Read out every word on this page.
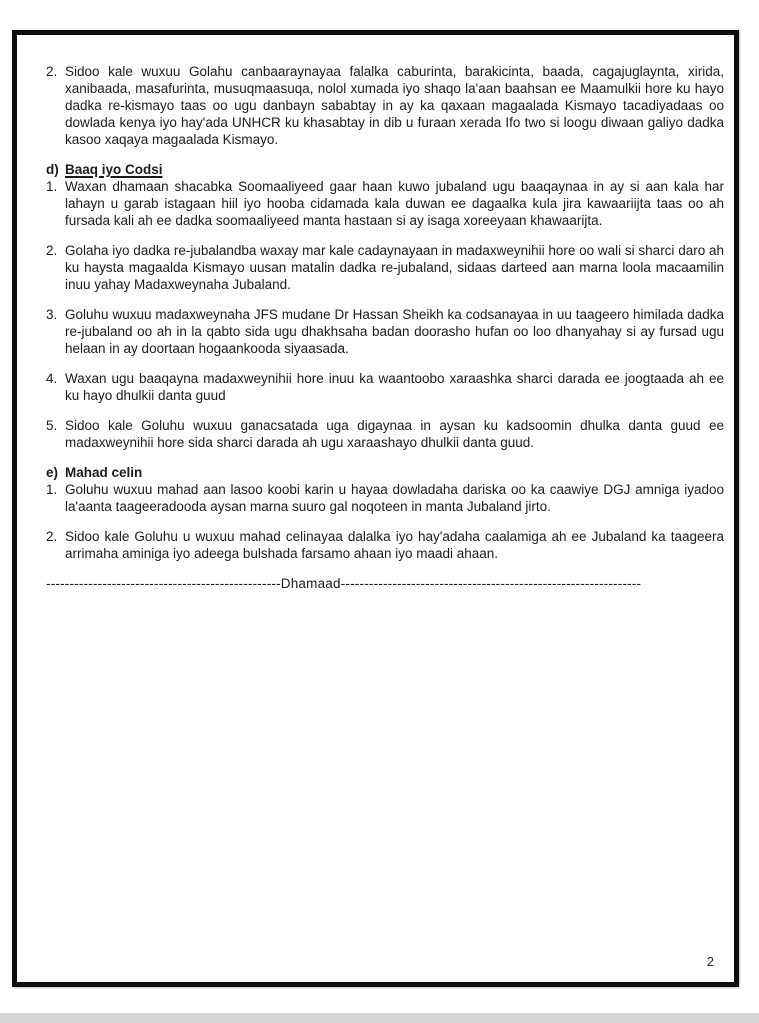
2. Sidoo kale wuxuu Golahu canbaaraynayaa falalka caburinta, barakicinta, baada, cagajuglaynta, xirida, xanibaada, masafurinta, musuqmaasuqa, nolol xumada iyo shaqo la'aan baahsan ee Maamulkii hore ku hayo dadka re-kismayo taas oo ugu danbayn sababtay in ay ka qaxaan magaalada Kismayo tacadiyadaas oo dowlada kenya iyo hay'ada UNHCR ku khasabtay in dib u furaan xerada Ifo two si loogu diwaan galiyo dadka kasoo xaqaya magaalada Kismayo.
d) Baaq iyo Codsi
1. Waxan dhamaan shacabka Soomaaliyeed gaar haan kuwo jubaland ugu baaqaynaa in ay si aan kala har lahayn u garab istagaan hiil iyo hooba cidamada kala duwan ee dagaalka kula jira kawaariijta taas oo ah fursada kali ah ee dadka soomaaliyeed manta hastaan si ay isaga xoreeyaan khawaarijta.
2. Golaha iyo dadka re-jubalandba waxay mar kale cadaynayaan in madaxweynihii hore oo wali si sharci daro ah ku haysta magaalda Kismayo uusan matalin dadka re-jubaland, sidaas darteed aan marna loola macaamilin inuu yahay Madaxweynaha Jubaland.
3. Goluhu wuxuu madaxweynaha JFS mudane Dr Hassan Sheikh ka codsanayaa in uu taageero himilada dadka re-jubaland oo ah in la qabto sida ugu dhakhsaha badan doorasho hufan oo loo dhanyahay si ay fursad ugu helaan in ay doortaan hogaankooda siyaasada.
4. Waxan ugu baaqayna madaxweynihii hore inuu ka waantoobo xaraashka sharci darada ee joogtaada ah ee ku hayo dhulkii danta guud
5. Sidoo kale Goluhu wuxuu ganacsatada uga digaynaa in aysan ku kadsoomin dhulka danta guud ee madaxweynihii hore sida sharci darada ah ugu xaraashayo dhulkii danta guud.
e) Mahad celin
1. Goluhu wuxuu mahad aan lasoo koobi karin u hayaa dowladaha dariska oo ka caawiye DGJ amniga iyadoo la'aanta taageeradooda aysan marna suuro gal noqoteen in manta Jubaland jirto.
2. Sidoo kale Goluhu u wuxuu mahad celinayaa dalalka iyo hay'adaha caalamiga ah ee Jubaland ka taageera arrimaha aminiga iyo adeega bulshada farsamo ahaan iyo maadi ahaan.
--------------------------------------------------Dhamaad----------------------------------------------------------------
2
